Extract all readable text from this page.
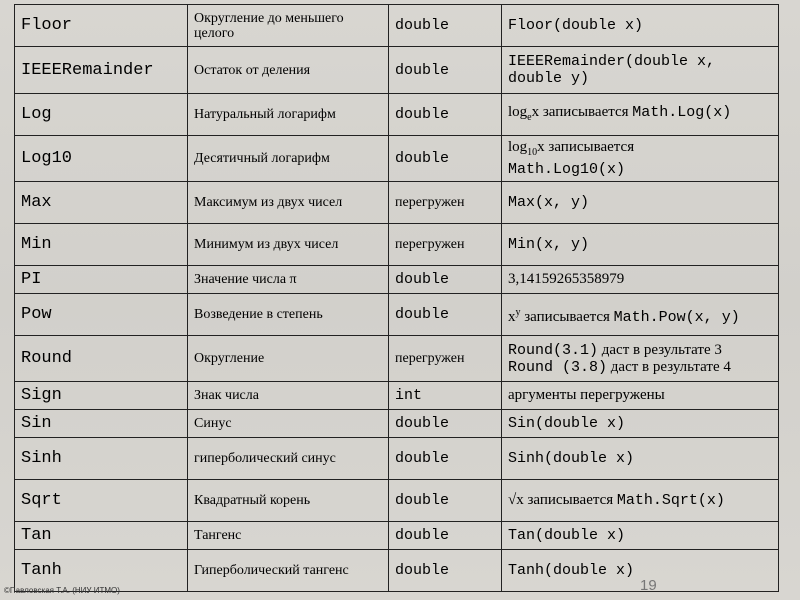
Floor	Округление до меньшего целого	double	Floor(double x)
IEEERemainder	Остаток от деления	double	IEEERemainder(double x, double y)
Log	Натуральный логарифм	double	$\log_ex$ записывается Math.Log(x)
Log10	Десятичный логарифм	double	$\log_{10}x$ записывается
Math.Log10(x)
Max	Максимум из двух чисел	перегружен	Max(x, y)
Min	Минимум из двух чисел	перегружен	Min(x, y)
PI	Значение числа π	double	3,14159265358979
Pow	Возведение в степень	double	$x^y$ записывается Math.Pow(x, y)
Round	Округление	перегружен	Round(3.1) даст в результате 3
Round (3.8) даст в результате 4
Sign	Знак числа	int	аргументы перегружены
Sin	Синус	double	Sin(double x)
Sinh	гиперболический синус	double	Sinh(double x)
Sqrt	Квадратный корень	double	√x записывается Math.Sqrt(x)
Tan	Тангенс	double	Tan(double x)
Tanh	Гиперболический тангенс	double	Tanh(double x)
©Павловская Т.А. (НИУ ИТМО)	19
